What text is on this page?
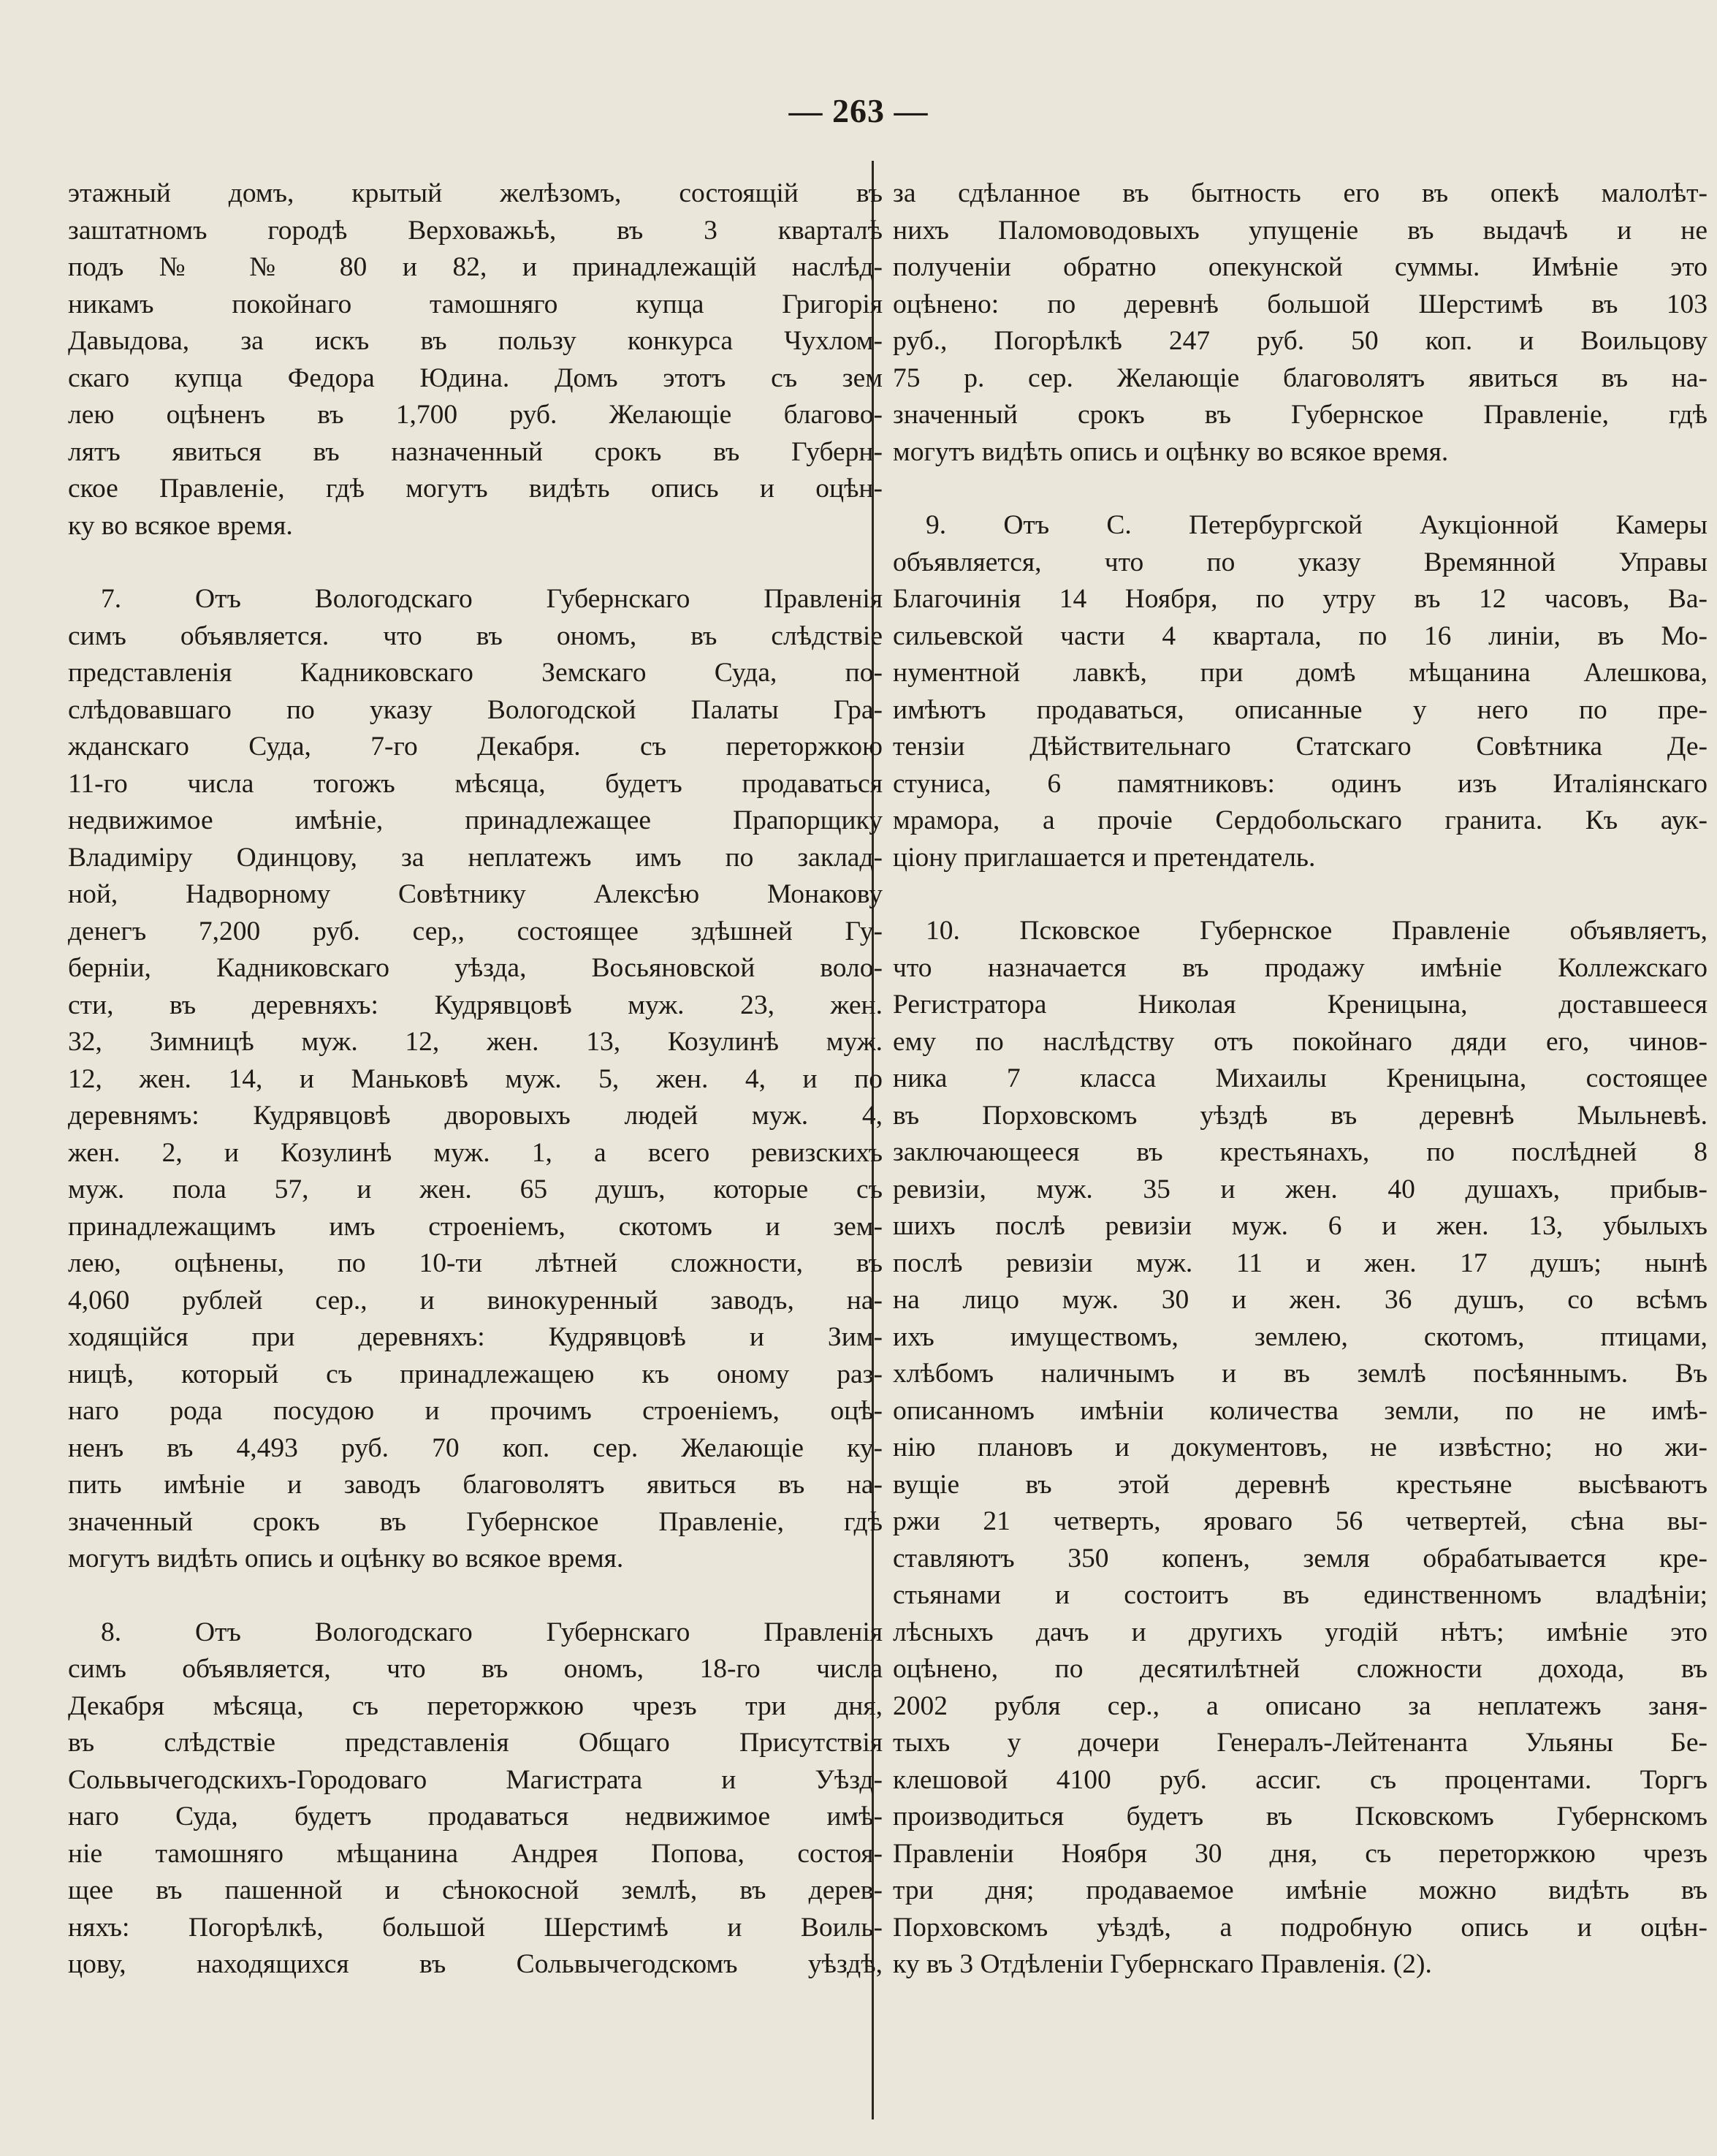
— 263 —
этажный домъ, крытый желѣзомъ, состоящій въ
заштатномъ городѣ Верховажьѣ, въ 3 кварталѣ
подъ № № 80 и 82, и принадлежащій наслѣд-
никамъ покойнаго тамошняго купца Григорія
Давыдова, за искъ въ пользу конкурса Чухлом-
скаго купца Федора Юдина. Домъ этотъ съ зем
лею оцѣненъ въ 1,700 руб. Желающіе благово-
лятъ явиться въ назначенный срокъ въ Губерн-
ское Правленіе, гдѣ могутъ видѣть опись и оцѣн-
ку во всякое время.
7. Отъ Вологодскаго Губернскаго Правленія
симъ объявляется. что въ ономъ, въ слѣдствіе
представленія Кадниковскаго Земскаго Суда, по-
слѣдовавшаго по указу Вологодской Палаты Гра-
жданскаго Суда, 7-го Декабря. съ переторжкою
11-го числа тогожъ мѣсяца, будетъ продаваться
недвижимое имѣніе, принадлежащее Прапорщику
Владиміру Одинцову, за неплатежъ имъ по заклад-
ной, Надворному Совѣтнику Алексѣю Монакову
денегъ 7,200 руб. сер,, состоящее здѣшней Гу-
берніи, Кадниковскаго уѣзда, Восьяновской воло-
сти, въ деревняхъ: Кудрявцовѣ муж. 23, жен.
32, Зимницѣ муж. 12, жен. 13, Козулинѣ муж.
12, жен. 14, и Маньковѣ муж. 5, жен. 4, и по
деревнямъ: Кудрявцовѣ дворовыхъ людей муж. 4,
жен. 2, и Козулинѣ муж. 1, а всего ревизскихъ
муж. пола 57, и жен. 65 душъ, которые съ
принадлежащимъ имъ строеніемъ, скотомъ и зем-
лею, оцѣнены, по 10-ти лѣтней сложности, въ
4,060 рублей сер., и винокуренный заводъ, на-
ходящійся при деревняхъ: Кудрявцовѣ и Зим-
ницѣ, который съ принадлежащею къ оному раз-
наго рода посудою и прочимъ строеніемъ, оцѣ-
ненъ въ 4,493 руб. 70 коп. сер. Желающіе ку-
пить имѣніе и заводъ благоволятъ явиться въ на-
значенный срокъ въ Губернское Правленіе, гдѣ
могутъ видѣть опись и оцѣнку во всякое время.
8. Отъ Вологодскаго Губернскаго Правленія
симъ объявляется, что въ ономъ, 18-го числа
Декабря мѣсяца, съ переторжкою чрезъ три дня,
въ слѣдствіе представленія Общаго Присутствія
Сольвычегодскихъ-Городоваго Магистрата и Уѣзд-
наго Суда, будетъ продаваться недвижимое имѣ-
ніе тамошняго мѣщанина Андрея Попова, состоя-
щее въ пашенной и сѣнокосной землѣ, въ дерев-
няхъ: Погорѣлкѣ, большой Шерстимѣ и Воиль-
цову, находящихся въ Сольвычегодскомъ уѣздѣ,
за сдѣланное въ бытность его въ опекѣ малолѣт-
нихъ Паломоводовыхъ упущеніе въ выдачѣ и не
полученіи обратно опекунской суммы. Имѣніе это
оцѣнено: по деревнѣ большой Шерстимѣ въ 103
руб., Погорѣлкѣ 247 руб. 50 коп. и Воильцову
75 р. сер. Желающіе благоволятъ явиться въ на-
значенный срокъ въ Губернское Правленіе, гдѣ
могутъ видѣть опись и оцѣнку во всякое время.
9. Отъ С. Петербургской Аукціонной Камеры
объявляется, что по указу Времянной Управы
Благочинія 14 Ноября, по утру въ 12 часовъ, Ва-
сильевской части 4 квартала, по 16 линіи, въ Мо-
нументной лавкѣ, при домѣ мѣщанина Алешкова,
имѣютъ продаваться, описанные у него по пре-
тензіи Дѣйствительнаго Статскаго Совѣтника Де-
стуниса, 6 памятниковъ: одинъ изъ Италіянскаго
мрамора, а прочіе Сердобольскаго гранита. Къ аук-
ціону приглашается и претендатель.
10. Псковское Губернское Правленіе объявляетъ,
что назначается въ продажу имѣніе Коллежскаго
Регистратора Николая Креницына, доставшееся
ему по наслѣдству отъ покойнаго дяди его, чинов-
ника 7 класса Михаилы Креницына, состоящее
въ Порховскомъ уѣздѣ въ деревнѣ Мыльневѣ.
заключающееся въ крестьянахъ, по послѣдней 8
ревизіи, муж. 35 и жен. 40 душахъ, прибыв-
шихъ послѣ ревизіи муж. 6 и жен. 13, убылыхъ
послѣ ревизіи муж. 11 и жен. 17 душъ; нынѣ
на лицо муж. 30 и жен. 36 душъ, со всѣмъ
ихъ имуществомъ, землею, скотомъ, птицами,
хлѣбомъ наличнымъ и въ землѣ посѣяннымъ. Въ
описанномъ имѣніи количества земли, по не имѣ-
нію плановъ и документовъ, не извѣстно; но жи-
вущіе въ этой деревнѣ крестьяне высѣваютъ
ржи 21 четверть, яроваго 56 четвертей, сѣна вы-
ставляютъ 350 копенъ, земля обрабатывается кре-
стьянами и состоитъ въ единственномъ владѣніи;
лѣсныхъ дачъ и другихъ угодій нѣтъ; имѣніе это
оцѣнено, по десятилѣтней сложности дохода, въ
2002 рубля сер., а описано за неплатежъ заня-
тыхъ у дочери Генералъ-Лейтенанта Ульяны Бе-
клешовой 4100 руб. ассиг. съ процентами. Торгъ
производиться будетъ въ Псковскомъ Губернскомъ
Правленіи Ноября 30 дня, съ переторжкою чрезъ
три дня; продаваемое имѣніе можно видѣть въ
Порховскомъ уѣздѣ, а подробную опись и оцѣн-
ку въ 3 Отдѣленіи Губернскаго Правленія. (2).
